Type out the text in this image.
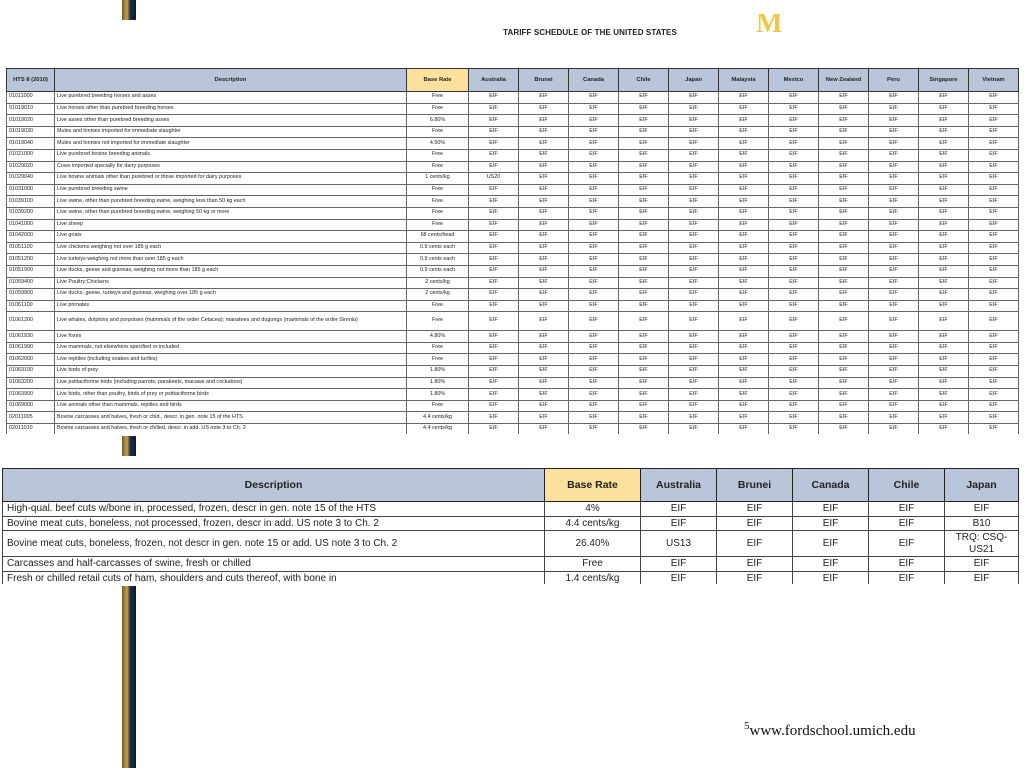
M
TARIFF SCHEDULE OF THE UNITED STATES
HTS 8 (2010)	Description	Base Rate	Australia	Brunei	Canada	Chile	Japan	Malaysia	Mexico	New Zealand	Peru	Singapore	Vietnam
01011000	Live purebred breeding horses and asses	Free	EIF	EIF	EIF	EIF	EIF	EIF	EIF	EIF	EIF	EIF	EIF
01019010	Live horses other than purebred breeding horses	Free	EIF	EIF	EIF	EIF	EIF	EIF	EIF	EIF	EIF	EIF	EIF
01019020	Live asses other than purebred breeding asses	6.80%	EIF	EIF	EIF	EIF	EIF	EIF	EIF	EIF	EIF	EIF	EIF
01019030	Mules and hinnies imported for immediate slaughter	Free	EIF	EIF	EIF	EIF	EIF	EIF	EIF	EIF	EIF	EIF	EIF
01019040	Mules and hinnies not imported for immediate slaughter	4.50%	EIF	EIF	EIF	EIF	EIF	EIF	EIF	EIF	EIF	EIF	EIF
01021000	Live purebred bovine breeding animals	Free	EIF	EIF	EIF	EIF	EIF	EIF	EIF	EIF	EIF	EIF	EIF
01029020	Cows imported specially for dairy purposes	Free	EIF	EIF	EIF	EIF	EIF	EIF	EIF	EIF	EIF	EIF	EIF
01029040	Live bovine animals other than purebred or those imported for dairy purposes	1 cents/kg	US20	EIF	EIF	EIF	EIF	EIF	EIF	EIF	EIF	EIF	EIF
01031000	Live purebred breeding swine	Free	EIF	EIF	EIF	EIF	EIF	EIF	EIF	EIF	EIF	EIF	EIF
01039100	Live swine, other than purebred breeding swine, weighing less than 50 kg each	Free	EIF	EIF	EIF	EIF	EIF	EIF	EIF	EIF	EIF	EIF	EIF
01039200	Live swine, other than purebred breeding swine, weighing 50 kg or more	Free	EIF	EIF	EIF	EIF	EIF	EIF	EIF	EIF	EIF	EIF	EIF
01041000	Live sheep	Free	EIF	EIF	EIF	EIF	EIF	EIF	EIF	EIF	EIF	EIF	EIF
01042000	Live goats	68 cents/head	EIF	EIF	EIF	EIF	EIF	EIF	EIF	EIF	EIF	EIF	EIF
01051100	Live chickens weighing not over 185 g each	0.9 cents each	EIF	EIF	EIF	EIF	EIF	EIF	EIF	EIF	EIF	EIF	EIF
01051200	Live turkeys weighing not more than over 185 g each	0.9 cents each	EIF	EIF	EIF	EIF	EIF	EIF	EIF	EIF	EIF	EIF	EIF
01051900	Live ducks, geese and guineas, weighing not more than 185 g each	0.9 cents each	EIF	EIF	EIF	EIF	EIF	EIF	EIF	EIF	EIF	EIF	EIF
01059400	Live Poultry;Chickens	2 cents/kg	EIF	EIF	EIF	EIF	EIF	EIF	EIF	EIF	EIF	EIF	EIF
01059900	Live ducks, geese, turkeys and guineas, weighing over 185 g each	2 cents/kg	EIF	EIF	EIF	EIF	EIF	EIF	EIF	EIF	EIF	EIF	EIF
01061100	Live primates	Free	EIF	EIF	EIF	EIF	EIF	EIF	EIF	EIF	EIF	EIF	EIF
01061200	Live whales, dolphins and porpoises (mammals of the order Cetacea); manatees and dugongs (mammals of the order Sirenia)	Free	EIF	EIF	EIF	EIF	EIF	EIF	EIF	EIF	EIF	EIF	EIF
01061930	Live foxes	4.80%	EIF	EIF	EIF	EIF	EIF	EIF	EIF	EIF	EIF	EIF	EIF
01061990	Live mammals, not elsewhere specified or included	Free	EIF	EIF	EIF	EIF	EIF	EIF	EIF	EIF	EIF	EIF	EIF
01062000	Live reptiles (including snakes and turtles)	Free	EIF	EIF	EIF	EIF	EIF	EIF	EIF	EIF	EIF	EIF	EIF
01063100	Live birds of prey	1.80%	EIF	EIF	EIF	EIF	EIF	EIF	EIF	EIF	EIF	EIF	EIF
01063200	Live psittaciforme birds (including parrots, parakeets, macaws and cockatoos)	1.80%	EIF	EIF	EIF	EIF	EIF	EIF	EIF	EIF	EIF	EIF	EIF
01063900	Live birds, other than poultry, birds of prey or psittaciforme birds	1.80%	EIF	EIF	EIF	EIF	EIF	EIF	EIF	EIF	EIF	EIF	EIF
01069000	Live animals other than mammals, reptiles and birds	Free	EIF	EIF	EIF	EIF	EIF	EIF	EIF	EIF	EIF	EIF	EIF
02011005	Bovine carcasses and halves, fresh or chld., descr. in gen. note 15 of the HTS	4.4 cents/kg	EIF	EIF	EIF	EIF	EIF	EIF	EIF	EIF	EIF	EIF	EIF
02011010	Bovine carcasses and halves, fresh or chilled, descr. in add. US note 3 to Ch. 2	4.4 cents/kg	EIF	EIF	EIF	EIF	EIF	EIF	EIF	EIF	EIF	EIF	EIF
Description	Base Rate	Australia	Brunei	Canada	Chile	Japan
High-qual. beef cuts w/bone in, processed, frozen, descr in gen. note 15 of the HTS	4%	EIF	EIF	EIF	EIF	EIF
Bovine meat cuts, boneless, not processed, frozen, descr in add. US note 3 to Ch. 2	4.4 cents/kg	EIF	EIF	EIF	EIF	B10
Bovine meat cuts, boneless, frozen, not descr in gen. note 15 or add. US note 3 to Ch. 2	26.40%	US13	EIF	EIF	EIF	TRQ: CSQ-US21
Carcasses and half-carcasses of swine, fresh or chilled	Free	EIF	EIF	EIF	EIF	EIF
Fresh or chilled retail cuts of ham, shoulders and cuts thereof, with bone in	1.4 cents/kg	EIF	EIF	EIF	EIF	EIF
$^5$www.fordschool.umich.edu
